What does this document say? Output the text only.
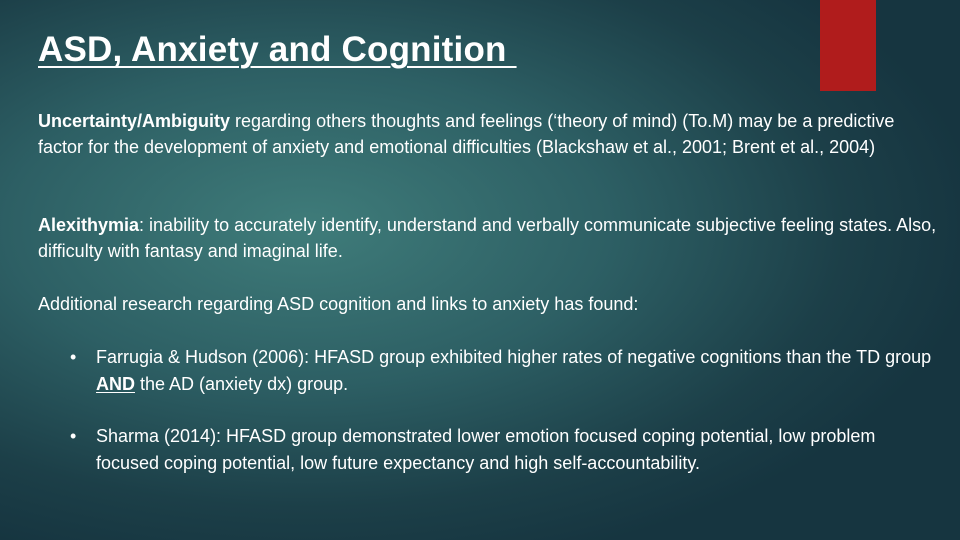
ASD, Anxiety and Cognition

Uncertainty/Ambiguity regarding others thoughts and feelings (‘theory of mind) (To.M) may be a predictive factor for the development of anxiety and emotional difficulties (Blackshaw et al., 2001; Brent et al., 2004)

Alexithymia: inability to accurately identify, understand and verbally communicate subjective feeling states. Also, difficulty with fantasy and imaginal life.

Additional research regarding ASD cognition and links to anxiety has found:

• Farrugia & Hudson (2006): HFASD group exhibited higher rates of negative cognitions than the TD group AND the AD (anxiety dx) group.
• Sharma (2014): HFASD group demonstrated lower emotion focused coping potential, low problem focused coping potential, low future expectancy and high self-accountability.
